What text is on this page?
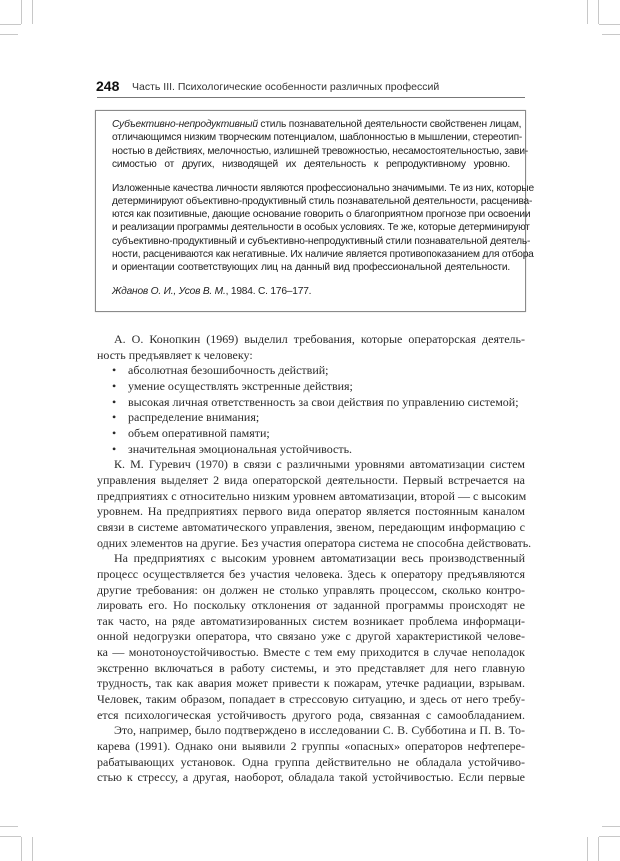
248 Часть III. Психологические особенности различных профессий
Субъективно-непродуктивный стиль познавательной деятельности свойственен лицам,
отличающимся низким творческим потенциалом, шаблонностью в мышлении, стереотип-
ностью в действиях, мелочностью, излишней тревожностью, несамостоятельностью, зави-
симостью от других, низводящей их деятельность к репродуктивному уровню.
Изложенные качества личности являются профессионально значимыми. Те из них, которые
детерминируют объективно-продуктивный стиль познавательной деятельности, расценива-
ются как позитивные, дающие основание говорить о благоприятном прогнозе при освоении
и реализации программы деятельности в особых условиях. Те же, которые детерминируют
субъективно-продуктивный и субъективно-непродуктивный стили познавательной деятель-
ности, расцениваются как негативные. Их наличие является противопоказанием для отбора
и ориентации соответствующих лиц на данный вид профессиональной деятельности.
Жданов О. И., Усов В. М., 1984. С. 176–177.
А. О. Конопкин (1969) выделил требования, которые операторская деятель-
ность предъявляет к человеку:
• абсолютная безошибочность действий;
• умение осуществлять экстренные действия;
• высокая личная ответственность за свои действия по управлению системой;
• распределение внимания;
• объем оперативной памяти;
• значительная эмоциональная устойчивость.
К. М. Гуревич (1970) в связи с различными уровнями автоматизации систем
управления выделяет 2 вида операторской деятельности. Первый встречается на
предприятиях с относительно низким уровнем автоматизации, второй — с высоким
уровнем. На предприятиях первого вида оператор является постоянным каналом
связи в системе автоматического управления, звеном, передающим информацию с
одних элементов на другие. Без участия оператора система не способна действовать.
На предприятиях с высоким уровнем автоматизации весь производственный
процесс осуществляется без участия человека. Здесь к оператору предъявляются
другие требования: он должен не столько управлять процессом, сколько контро-
лировать его. Но поскольку отклонения от заданной программы происходят не
так часто, на ряде автоматизированных систем возникает проблема информаци-
онной недогрузки оператора, что связано уже с другой характеристикой челове-
ка — монотоноустойчивостью. Вместе с тем ему приходится в случае неполадок
экстренно включаться в работу системы, и это представляет для него главную
трудность, так как авария может привести к пожарам, утечке радиации, взрывам.
Человек, таким образом, попадает в стрессовую ситуацию, и здесь от него требу-
ется психологическая устойчивость другого рода, связанная с самообладанием.
Это, например, было подтверждено в исследовании С. В. Субботина и П. В. То-
карева (1991). Однако они выявили 2 группы «опасных» операторов нефтепере-
рабатывающих установок. Одна группа действительно не обладала устойчиво-
стью к стрессу, а другая, наоборот, обладала такой устойчивостью. Если первые
